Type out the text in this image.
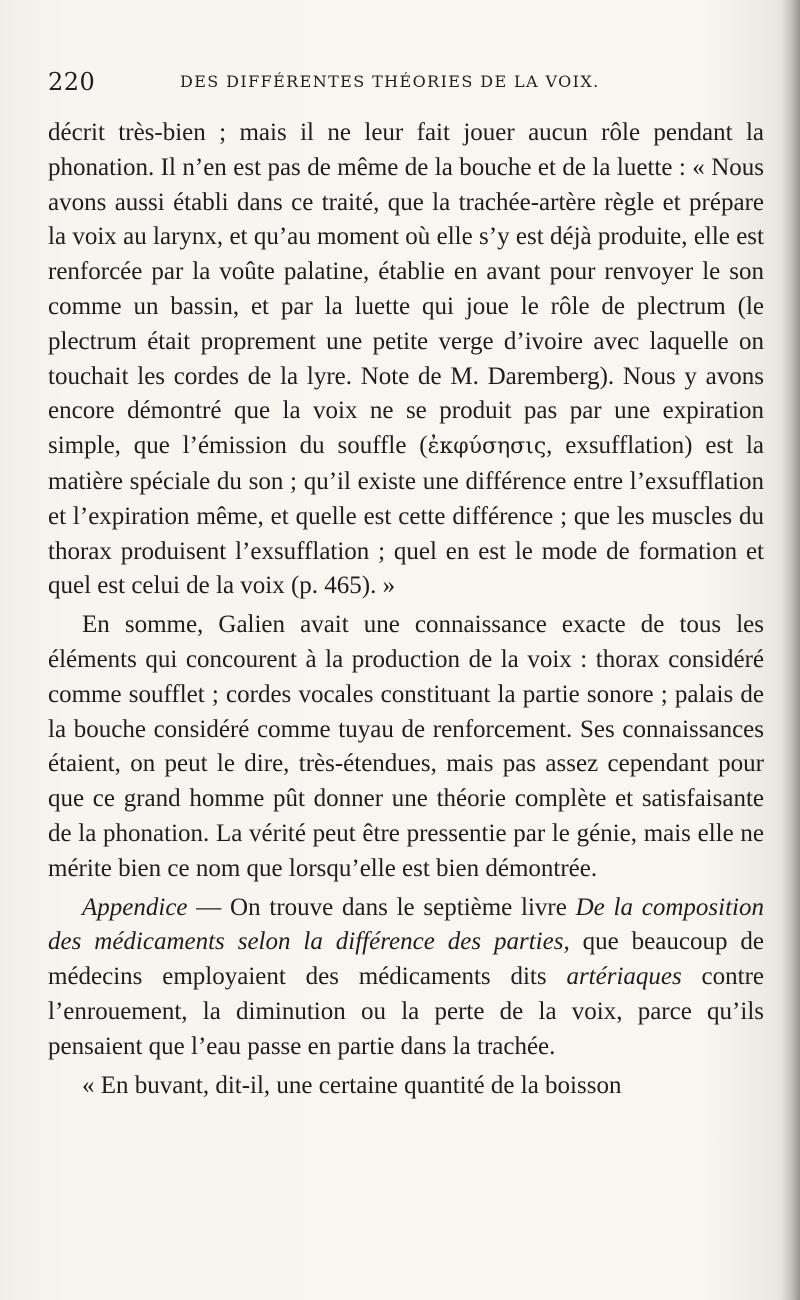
220	DES DIFFÉRENTES THÉORIES DE LA VOIX.

décrit très-bien ; mais il ne leur fait jouer aucun rôle pendant la phonation. Il n’en est pas de même de la bouche et de la luette : « Nous avons aussi établi dans ce traité, que la trachée-artère règle et prépare la voix au larynx, et qu’au moment où elle s’y est déjà produite, elle est renforcée par la voûte palatine, établie en avant pour renvoyer le son comme un bassin, et par la luette qui joue le rôle de plectrum (le plectrum était proprement une petite verge d’ivoire avec laquelle on touchait les cordes de la lyre. Note de M. Daremberg). Nous y avons encore démontré que la voix ne se produit pas par une expiration simple, que l’émission du souffle (ἐκφύσησις, exsufflation) est la matière spéciale du son ; qu’il existe une différence entre l’exsufflation et l’expiration même, et quelle est cette différence ; que les muscles du thorax produisent l’exsufflation ; quel en est le mode de formation et quel est celui de la voix (p. 465). »

En somme, Galien avait une connaissance exacte de tous les éléments qui concourent à la production de la voix : thorax considéré comme soufflet ; cordes vocales constituant la partie sonore ; palais de la bouche considéré comme tuyau de renforcement. Ses connaissances étaient, on peut le dire, très-étendues, mais pas assez cependant pour que ce grand homme pût donner une théorie complète et satisfaisante de la phonation. La vérité peut être pressentie par le génie, mais elle ne mérite bien ce nom que lorsqu’elle est bien démontrée.

Appendice — On trouve dans le septième livre De la composition des médicaments selon la différence des parties, que beaucoup de médecins employaient des médicaments dits artériaques contre l’enrouement, la diminution ou la perte de la voix, parce qu’ils pensaient que l’eau passe en partie dans la trachée.

« En buvant, dit-il, une certaine quantité de la boisson
